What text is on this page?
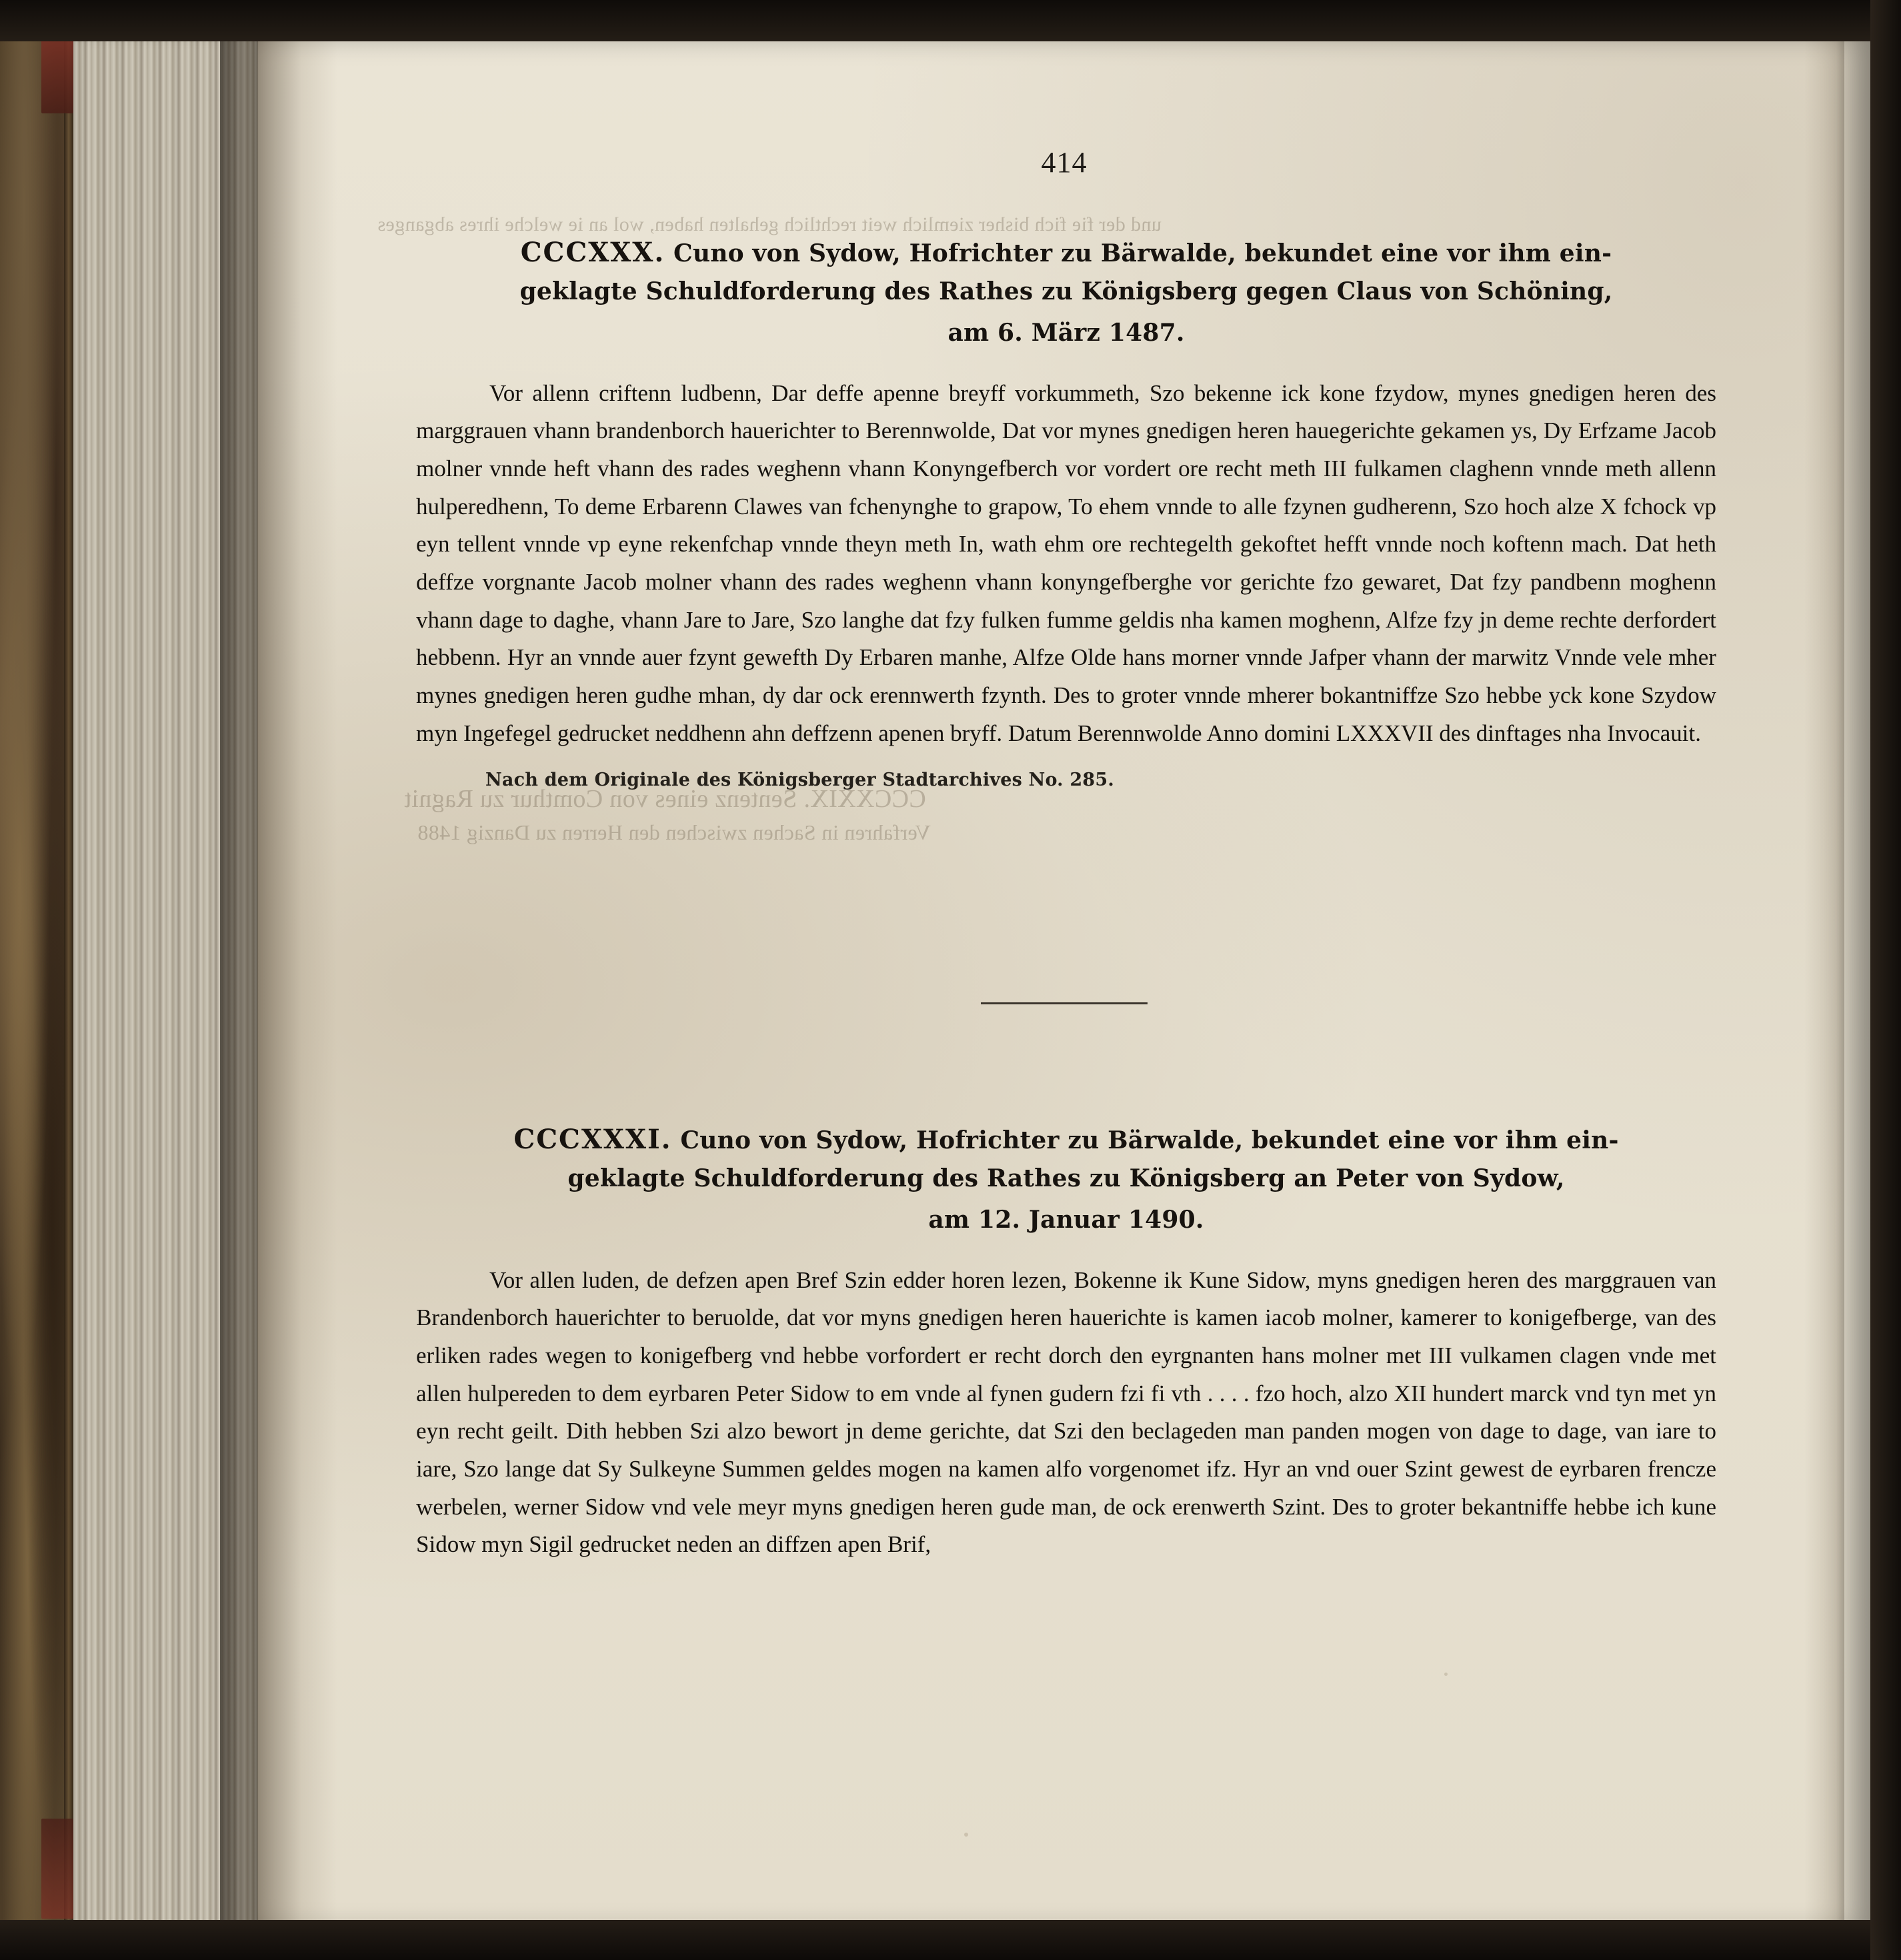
und der fie fich bisher ziemlich weit rechtlich gehalten haben, wol an ie welche ihres abganges
CCCXXIX. Sentenz eines von Comthur zu Ragnit
Verfahren in Sachen zwischen den Herren zu Danzig 1488
414
CCCXXX. Cuno von Sydow, Hofrichter zu Bärwalde, bekundet eine vor ihm ein-
geklagte Schuldforderung des Rathes zu Königsberg gegen Claus von Schöning,
am 6. März 1487.
Vor allenn criftenn ludbenn, Dar deffe apenne breyff vorkummeth, Szo bekenne ick kone fzydow, mynes gnedigen heren des marggrauen vhann brandenborch hauerichter to Berennwolde, Dat vor mynes gnedigen heren hauegerichte gekamen ys, Dy Erfzame Jacob molner vnnde heft vhann des rades weghenn vhann Konyngefberch vor vordert ore recht meth III fulkamen claghenn vnnde meth allenn hulperedhenn, To deme Erbarenn Clawes van fchenynghe to grapow, To ehem vnnde to alle fzynen gudherenn, Szo hoch alze X fchock vp eyn tellent vnnde vp eyne rekenfchap vnnde theyn meth In, wath ehm ore rechtegelth gekoftet hefft vnnde noch koftenn mach. Dat heth deffze vorgnante Jacob molner vhann des rades weghenn vhann konyngefberghe vor gerichte fzo gewaret, Dat fzy pandbenn moghenn vhann dage to daghe, vhann Jare to Jare, Szo langhe dat fzy fulken fumme geldis nha kamen moghenn, Alfze fzy jn deme rechte derfordert hebbenn. Hyr an vnnde auer fzynt gewefth Dy Erbaren manhe, Alfze Olde hans morner vnnde Jafper vhann der marwitz Vnnde vele mher mynes gnedigen heren gudhe mhan, dy dar ock erennwerth fzynth. Des to groter vnnde mherer bokantniffze Szo hebbe yck kone Szydow myn Ingefegel gedrucket neddhenn ahn deffzenn apenen bryff. Datum Berennwolde Anno domini LXXXVII des dinftages nha Invocauit.
Nach dem Originale des Königsberger Stadtarchives No. 285.
CCCXXXI. Cuno von Sydow, Hofrichter zu Bärwalde, bekundet eine vor ihm ein-
geklagte Schuldforderung des Rathes zu Königsberg an Peter von Sydow,
am 12. Januar 1490.
Vor allen luden, de defzen apen Bref Szin edder horen lezen, Bokenne ik Kune Sidow, myns gnedigen heren des marggrauen van Brandenborch hauerichter to beruolde, dat vor myns gnedigen heren hauerichte is kamen iacob molner, kamerer to konigefberge, van des erliken rades wegen to konigefberg vnd hebbe vorfordert er recht dorch den eyrgnanten hans molner met III vulkamen clagen vnde met allen hulpereden to dem eyrbaren Peter Sidow to em vnde al fynen gudern fzi fi vth . . . . fzo hoch, alzo XII hundert marck vnd tyn met yn eyn recht geilt. Dith hebben Szi alzo bewort jn deme gerichte, dat Szi den beclageden man panden mogen von dage to dage, van iare to iare, Szo lange dat Sy Sulkeyne Summen geldes mogen na kamen alfo vorgenomet ifz. Hyr an vnd ouer Szint gewest de eyrbaren frencze werbelen, werner Sidow vnd vele meyr myns gnedigen heren gude man, de ock erenwerth Szint. Des to groter bekantniffe hebbe ich kune Sidow myn Sigil gedrucket neden an diffzen apen Brif,
